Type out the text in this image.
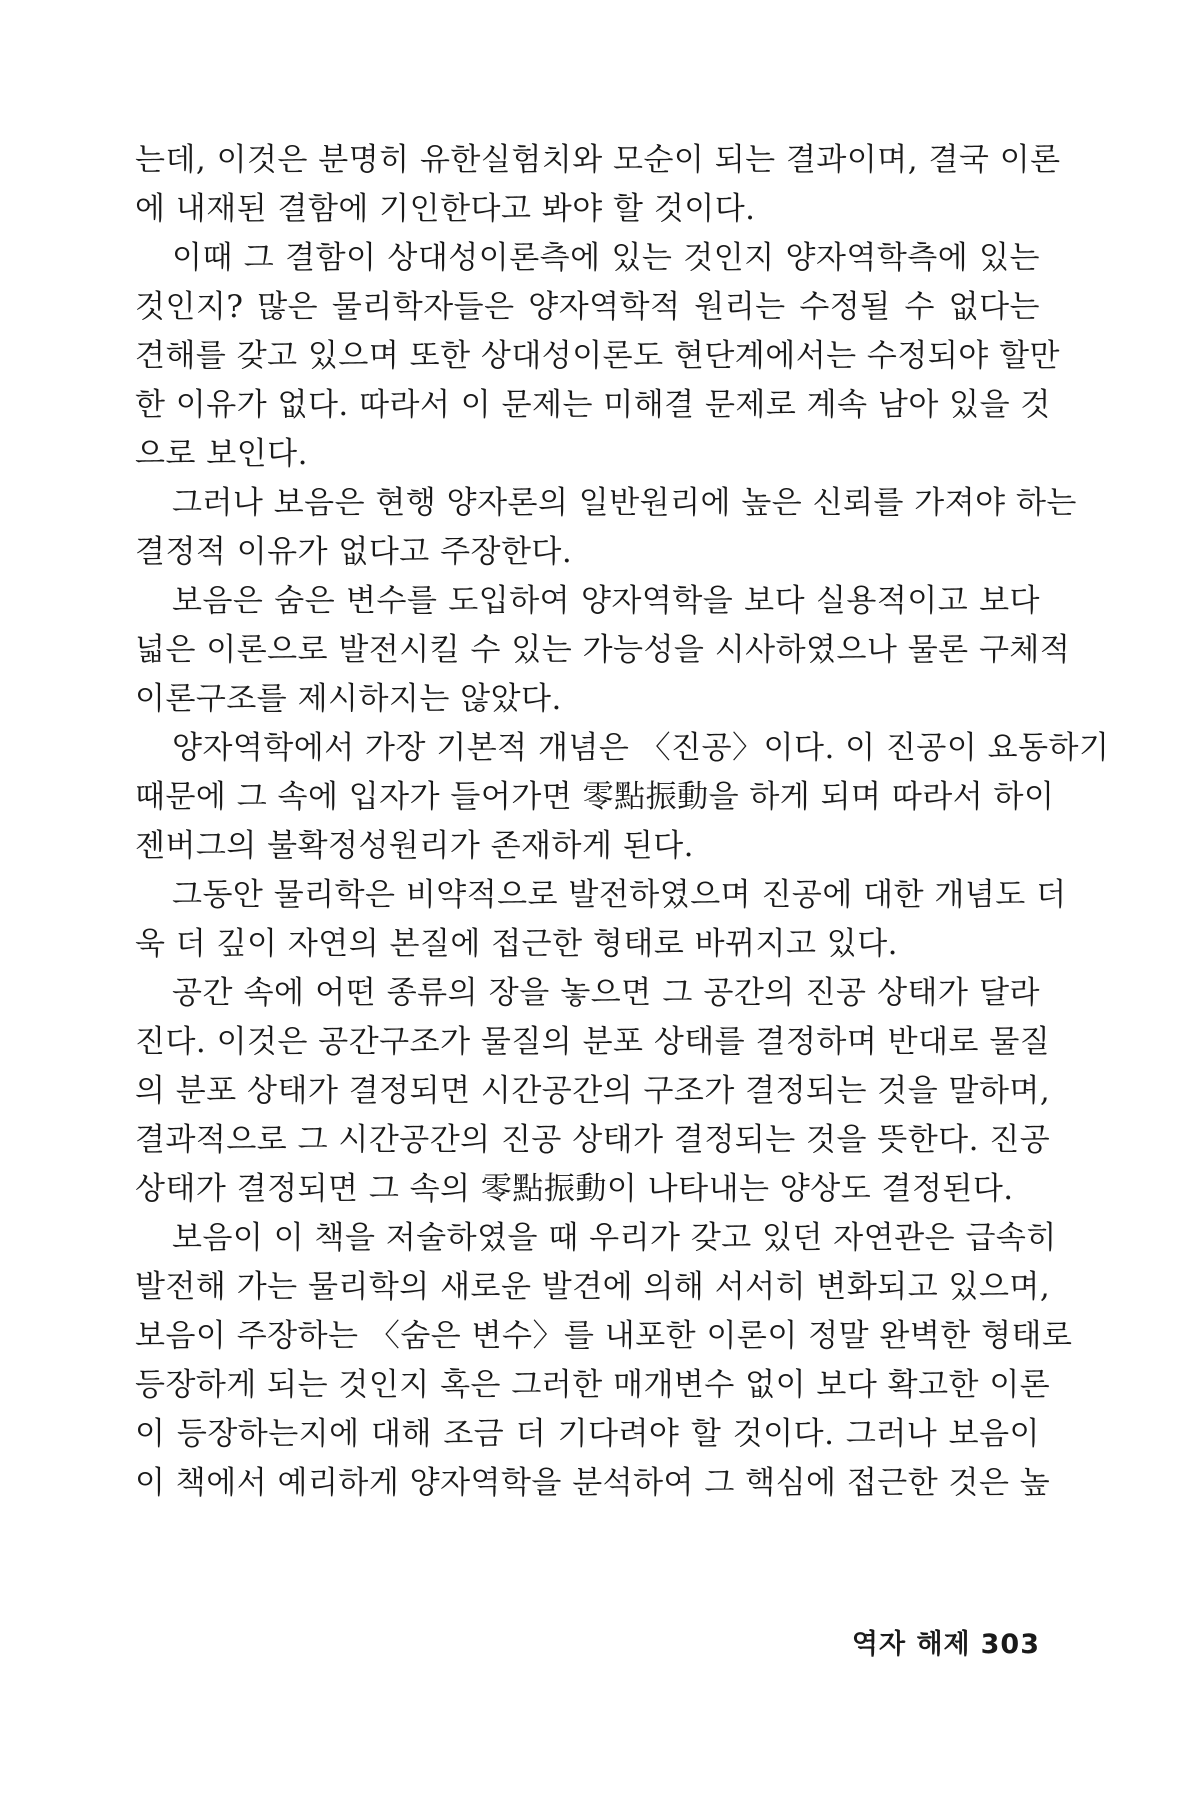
는데, 이것은 분명히 유한실험치와 모순이 되는 결과이며, 결국 이론
에 내재된 결함에 기인한다고 봐야 할 것이다.
이때 그 결함이 상대성이론측에 있는 것인지 양자역학측에 있는
것인지? 많은 물리학자들은 양자역학적 원리는 수정될 수 없다는
견해를 갖고 있으며 또한 상대성이론도 현단계에서는 수정되야 할만
한 이유가 없다. 따라서 이 문제는 미해결 문제로 계속 남아 있을 것
으로 보인다.
그러나 보음은 현행 양자론의 일반원리에 높은 신뢰를 가져야 하는
결정적 이유가 없다고 주장한다.
보음은 숨은 변수를 도입하여 양자역학을 보다 실용적이고 보다
넓은 이론으로 발전시킬 수 있는 가능성을 시사하였으나 물론 구체적
이론구조를 제시하지는 않았다.
양자역학에서 가장 기본적 개념은 〈진공〉이다. 이 진공이 요동하기
때문에 그 속에 입자가 들어가면 零點振動을 하게 되며 따라서 하이
젠버그의 불확정성원리가 존재하게 된다.
그동안 물리학은 비약적으로 발전하였으며 진공에 대한 개념도 더
욱 더 깊이 자연의 본질에 접근한 형태로 바뀌지고 있다.
공간 속에 어떤 종류의 장을 놓으면 그 공간의 진공 상태가 달라
진다. 이것은 공간구조가 물질의 분포 상태를 결정하며 반대로 물질
의 분포 상태가 결정되면 시간공간의 구조가 결정되는 것을 말하며,
결과적으로 그 시간공간의 진공 상태가 결정되는 것을 뜻한다. 진공
상태가 결정되면 그 속의 零點振動이 나타내는 양상도 결정된다.
보음이 이 책을 저술하였을 때 우리가 갖고 있던 자연관은 급속히
발전해 가는 물리학의 새로운 발견에 의해 서서히 변화되고 있으며,
보음이 주장하는 〈숨은 변수〉를 내포한 이론이 정말 완벽한 형태로
등장하게 되는 것인지 혹은 그러한 매개변수 없이 보다 확고한 이론
이 등장하는지에 대해 조금 더 기다려야 할 것이다. 그러나 보음이
이 책에서 예리하게 양자역학을 분석하여 그 핵심에 접근한 것은 높
역자 해제 303
